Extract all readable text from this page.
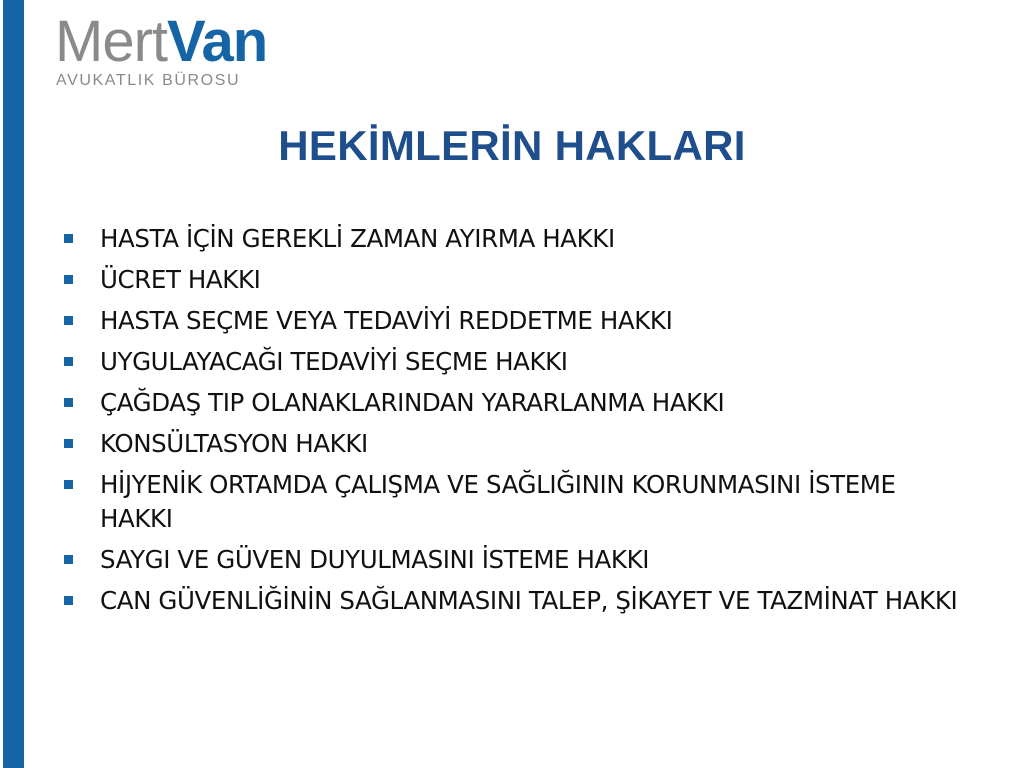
MertVan
AVUKATLIK BÜROSU
HEKİMLERİN HAKLARI
HASTA İÇİN GEREKLİ ZAMAN AYIRMA HAKKI
ÜCRET HAKKI
HASTA SEÇME VEYA TEDAVİYİ REDDETME HAKKI
UYGULAYACAĞI TEDAVİYİ SEÇME HAKKI
ÇAĞDAŞ TIP OLANAKLARINDAN YARARLANMA HAKKI
KONSÜLTASYON HAKKI
HİJYENİK ORTAMDA ÇALIŞMA VE SAĞLIĞININ KORUNMASINI İSTEME HAKKI
SAYGI VE GÜVEN DUYULMASINI İSTEME HAKKI
CAN GÜVENLİĞİNİN SAĞLANMASINI TALEP, ŞİKAYET VE TAZMİNAT HAKKI
